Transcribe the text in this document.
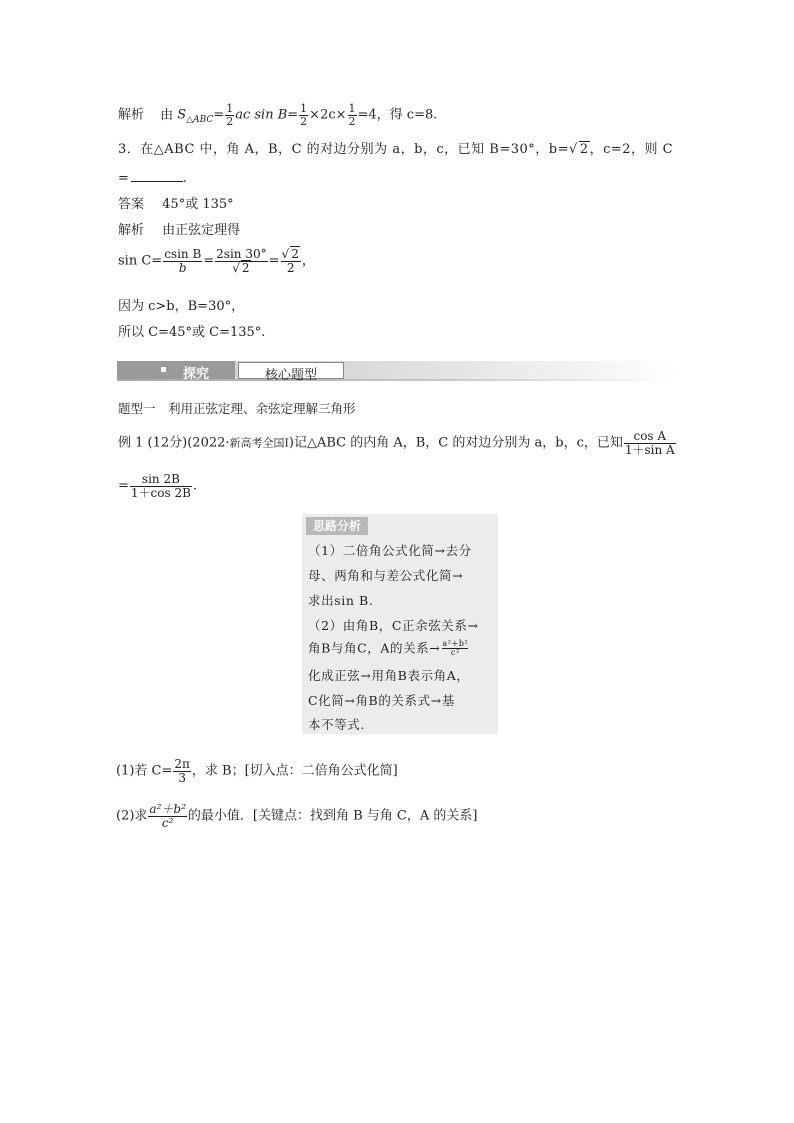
解析 由 $S_{\triangle ABC}= \frac{1}{2}$ ac $\sin B= \frac{1}{2} \times 2c\times \frac{1}{2} =4$，得 c=8.
3．在△ABC 中，角 A，B，C 的对边分别为 a，b，c，已知 B=30°，b=√ 2，c=2，则 C
=	.
答案 45°或 135°
解析 由正弦定理得
$\sin C= \frac{\text{csin B}}{b} = \frac{2\sin 30^\circ}{√ 2} = \frac{√ 2}{2}$ ，
因为 c>b，B=30°，
所以 C=45°或 C=135°.
探究	核心题型
题型一　利用正弦定理、余弦定理解三角形
例 1 (12分)(2022·新高考全国Ⅰ)记△ABC 的内角 A，B，C 的对边分别为 a，b，c，已知 $\frac{\text{cos A}}{\text{1＋sin A}}$
= $\frac{\sin 2B}{1+\cos 2B}$ .
思路分析
（1）二倍角公式化简→去分
母、两角和与差公式化简→
求出sin B.
（2）由角B，C正余弦关系→
角B与角C，A的关系→ $\frac{\text{a²+b²}}{\text{c²}}$
化成正弦→用角B表示角A，
C化简→角B的关系式→基
本不等式.
(1)若 $C= \frac{2\pi}{3}$ ，求 B；[切入点：二倍角公式化简]
(2)求 $\frac{\text{a²＋b²}}{\text{c²}}$ 的最小值．[关键点：找到角 B 与角 C，A 的关系]
